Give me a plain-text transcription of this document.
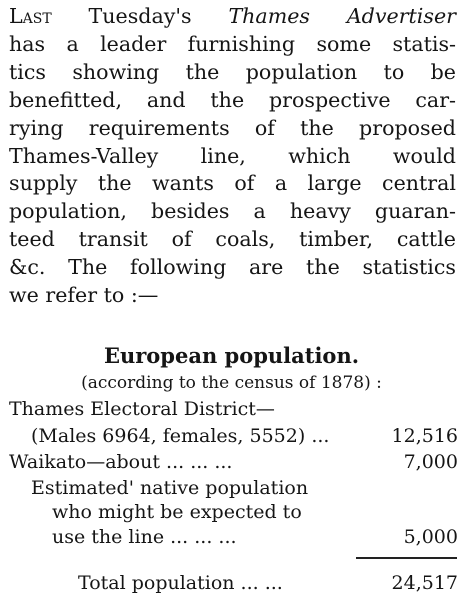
Last Tuesday's Thames Advertiser
has a leader furnishing some statis-
tics showing the population to be
benefitted, and the prospective car-
rying requirements of the proposed
Thames-Valley line, which would
supply the wants of a large central
population, besides a heavy guaran-
teed transit of coals, timber, cattle
&c. The following are the statistics
we refer to :—

European population.

(according to the census of 1878) :

Thames Electoral District—
(Males 6964, females, 5552) ...	12,516
Waikato—about ... ... ...	7,000
Estimated' native population
who might be expected to
use the line ... ... ...	5,000
Total population ... ...	24,517
